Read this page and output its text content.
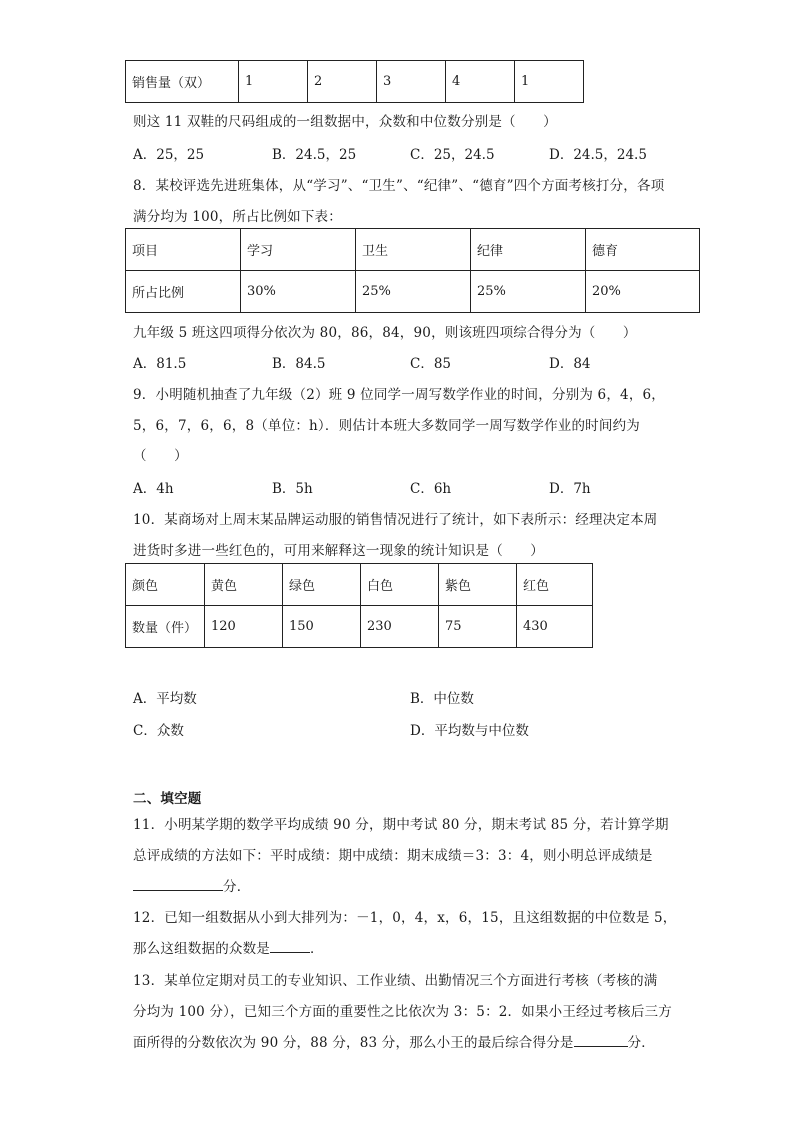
销售量（双）	1	2	3	4	1
则这 11 双鞋的尺码组成的一组数据中，众数和中位数分别是（　　）
A．25，25	B．24.5，25	C．25，24.5	D．24.5，24.5
8．某校评选先进班集体，从“学习”、“卫生”、“纪律”、“德育”四个方面考核打分，各项
满分均为 100，所占比例如下表：
项目	学习	卫生	纪律	德育
所占比例	30%	25%	25%	20%
九年级 5 班这四项得分依次为 80，86，84，90，则该班四项综合得分为（　　）
A．81.5	B．84.5	C．85	D．84
9．小明随机抽查了九年级（2）班 9 位同学一周写数学作业的时间，分别为 6，4，6，
5，6，7，6，6，8（单位：h）．则估计本班大多数同学一周写数学作业的时间约为
（　　）
A．4h	B．5h	C．6h	D．7h
10．某商场对上周末某品牌运动服的销售情况进行了统计，如下表所示：经理决定本周
进货时多进一些红色的，可用来解释这一现象的统计知识是（　　）
颜色	黄色	绿色	白色	紫色	红色
数量（件）	120	150	230	75	430
A．平均数	B．中位数
C．众数	D．平均数与中位数
二、填空题
11．小明某学期的数学平均成绩 90 分，期中考试 80 分，期末考试 85 分，若计算学期
总评成绩的方法如下：平时成绩：期中成绩：期末成绩＝3：3：4，则小明总评成绩是
分．
12．已知一组数据从小到大排列为：－1，0，4，x，6，15，且这组数据的中位数是 5，
那么这组数据的众数是	．
13．某单位定期对员工的专业知识、工作业绩、出勤情况三个方面进行考核（考核的满
分均为 100 分），已知三个方面的重要性之比依次为 3：5：2．如果小王经过考核后三方
面所得的分数依次为 90 分，88 分，83 分，那么小王的最后综合得分是	分．
